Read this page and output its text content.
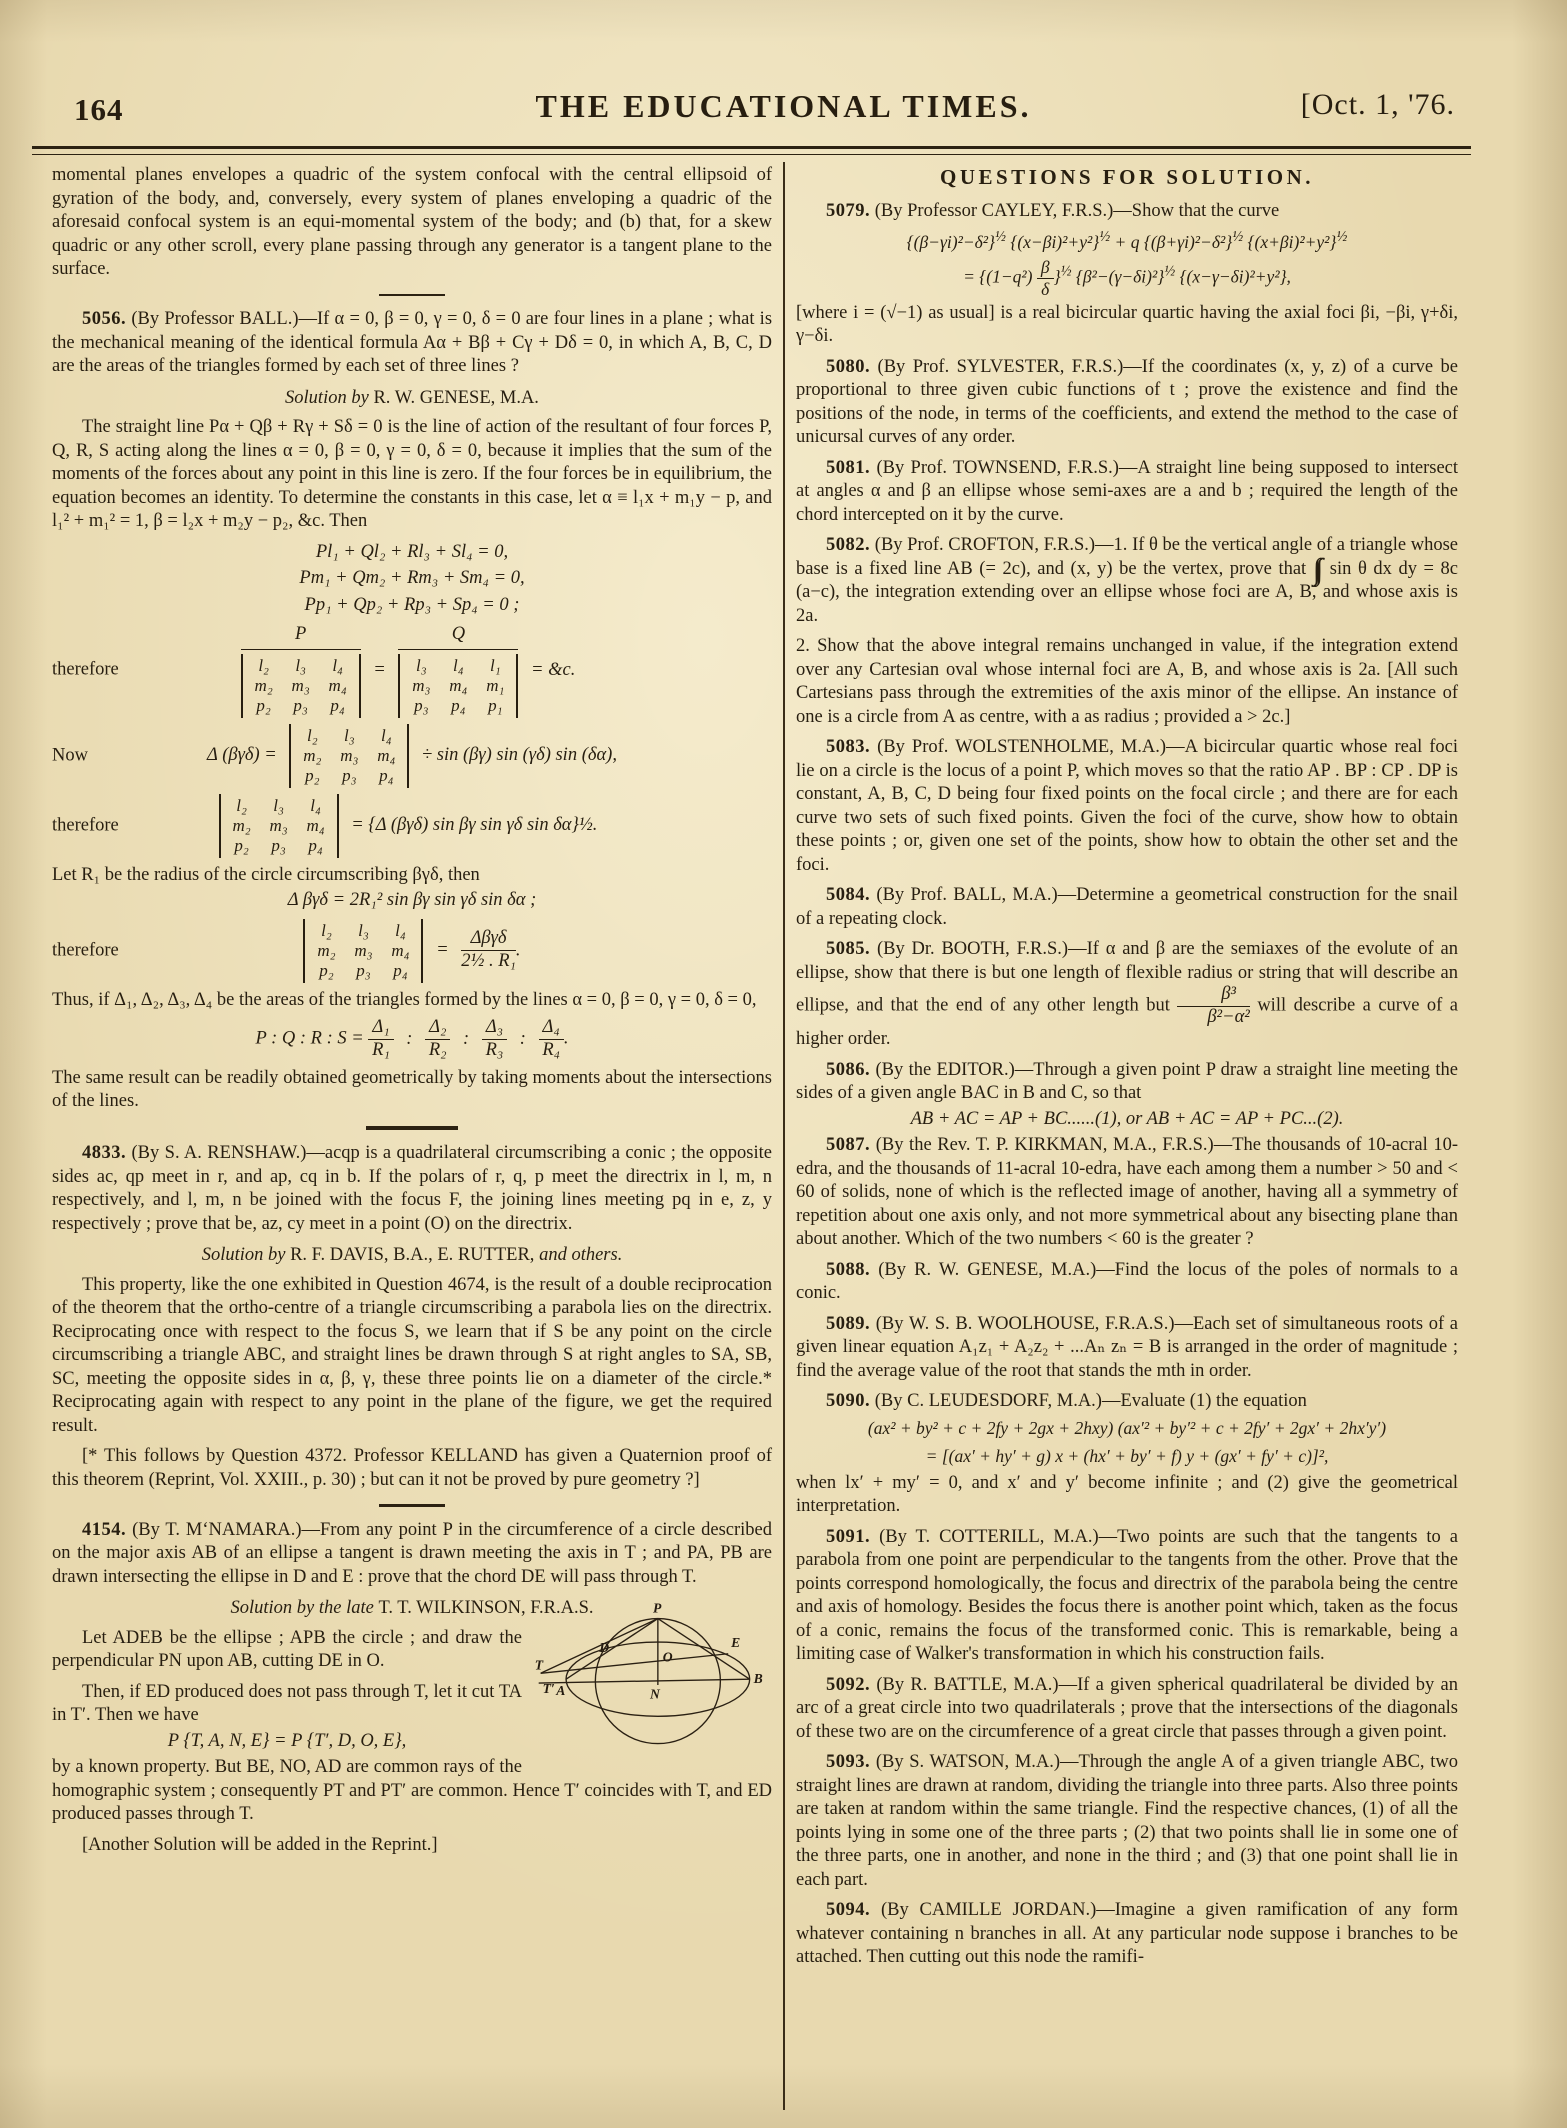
164	THE EDUCATIONAL TIMES.	[Oct. 1, '76.

momental planes envelopes a quadric of the system confocal with the central ellipsoid of gyration of the body, and, conversely, every system of planes enveloping a quadric of the aforesaid confocal system is an equi-momental system of the body; and (b) that, for a skew quadric or any other scroll, every plane passing through any generator is a tangent plane to the surface.

5056. (By Professor BALL.)—If α = 0, β = 0, γ = 0, δ = 0 are four lines in a plane ; what is the mechanical meaning of the identical formula Aα + Bβ + Cγ + Dδ = 0, in which A, B, C, D are the areas of the triangles formed by each set of three lines ?

Solution by R. W. GENESE, M.A.

The straight line Pα + Qβ + Rγ + Sδ = 0 is the line of action of the resultant of four forces P, Q, R, S acting along the lines α = 0, β = 0, γ = 0, δ = 0, because it implies that the sum of the moments of the forces about any point in this line is zero. If the four forces be in equilibrium, the equation becomes an identity. To determine the constants in this case, let α ≡ l₁x + m₁y − p, and l₁² + m₁² = 1, β = l₂x + m₂y − p₂, &c. Then

Pl₁ + Ql₂ + Rl₃ + Sl₄ = 0,
Pm₁ + Qm₂ + Rm₃ + Sm₄ = 0,
Pp₁ + Qp₂ + Rp₃ + Sp₄ = 0 ;
therefore	P
l₂	l₃	l₄
m₂ m₃ m₄
p₂ p₃ p₄ = Q
l₃	l₄	l₁
m₃ m₄ m₁
p₃ p₄ p₁ = &c.
Now	Δ (βγδ) =
l₂	l₃	l₄
m₂ m₃ m₄
p₂ p₃ p₄
÷ sin (βγ) sin (γδ) sin (δα),
therefore
l₂	l₃	l₄
m₂ m₃ m₄
p₂ p₃ p₄
= {Δ (βγδ) sin βγ sin γδ sin δα}½.

Let R₁ be the radius of the circle circumscribing βγδ, then

Δ βγδ = 2R₁² sin βγ sin γδ sin δα ;
therefore
l₂	l₃	l₄
m₂ m₃ m₄
p₂ p₃ p₄
= $\frac{\text{Δβγδ}}{\text{2½ . R₁}}$ .

Thus, if Δ₁, Δ₂, Δ₃, Δ₄ be the areas of the triangles formed by the lines α = 0, β = 0, γ = 0, δ = 0,

P : Q : R : $S = \frac{\text{Δ₁}}{\text{R₁}}$ : $\frac{\text{Δ₂}}{\text{R₂}}$ : $\frac{\text{Δ₃}}{\text{R₃}}$ : $\frac{\text{Δ₄}}{\text{R₄}}$ .

The same result can be readily obtained geometrically by taking moments about the intersections of the lines.

4833. (By S. A. RENSHAW.)—acqp is a quadrilateral circumscribing a conic ; the opposite sides ac, qp meet in r, and ap, cq in b. If the polars of r, q, p meet the directrix in l, m, n respectively, and l, m, n be joined with the focus F, the joining lines meeting pq in e, z, y respectively ; prove that be, az, cy meet in a point (O) on the directrix.

Solution by R. F. DAVIS, B.A., E. RUTTER, and others.

This property, like the one exhibited in Question 4674, is the result of a double reciprocation of the theorem that the ortho-centre of a triangle circumscribing a parabola lies on the directrix. Reciprocating once with respect to the focus S, we learn that if S be any point on the circle circumscribing a triangle ABC, and straight lines be drawn through S at right angles to SA, SB, SC, meeting the opposite sides in α, β, γ, these three points lie on a diameter of the circle.* Reciprocating again with respect to any point in the plane of the figure, we get the required result.

[* This follows by Question 4372. Professor KELLAND has given a Quaternion proof of this theorem (Reprint, Vol. XXIII., p. 30) ; but can it not be proved by pure geometry ?]

4154. (By T. M‘NAMARA.)—From any point P in the circumference of a circle described on the major axis AB of an ellipse a tangent is drawn meeting the axis in T ; and PA, PB are drawn intersecting the ellipse in D and E : prove that the chord DE will pass through T.

Solution by the late T. T. WILKINSON, F.R.A.S.	P
E
B
D
O
N
A
T
T′

Let ADEB be the ellipse ; APB the circle ; and draw the perpendicular PN upon AB, cutting DE in O.

Then, if ED produced does not pass through T, let it cut TA in T′. Then we have

P {T, A, N, E} = P {T′, D, O, E},

by a known property. But BE, NO, AD are common rays of the homographic system ; consequently PT and PT′ are common. Hence T′ coincides with T, and ED produced passes through T.

[Another Solution will be added in the Reprint.]

QUESTIONS FOR SOLUTION.

5079. (By Professor CAYLEY, F.R.S.)—Show that the curve

$\{(\beta-\gamma i)^2-\delta^2\}^{\frac{1}{2}}$ $\{(x-\beta i)^2+y^2\}^{\frac{1}{2}} + q$ $\{(\beta+\gamma i)^2-\delta^2\}^{\frac{1}{2}}$ $\{(x+\beta i)^2+y^2\}^{\frac{1}{2}}$
= $\{(1-q^2) \frac{\beta}{\delta} \}^{\frac{1}{2}}$ $\{\beta^2-(\gamma-\delta i)^2\}^{\frac{1}{2}}$ {(x−γ−δi)²+y²},

[where i = (√−1) as usual] is a real bicircular quartic having the axial foci βi, −βi, γ+δi, γ−δi.

5080. (By Prof. SYLVESTER, F.R.S.)—If the coordinates (x, y, z) of a curve be proportional to three given cubic functions of t ; prove the existence and find the positions of the node, in terms of the coefficients, and extend the method to the case of unicursal curves of any order.

5081. (By Prof. TOWNSEND, F.R.S.)—A straight line being supposed to intersect at angles α and β an ellipse whose semi-axes are a and b ; required the length of the chord intercepted on it by the curve.

5082. (By Prof. CROFTON, F.R.S.)—1. If θ be the vertical angle of a triangle whose base is a fixed line AB (= 2c), and (x, y) be the vertex, prove that ∫∫ sin θ dx dy = 8c (a−c), the integration extending over an ellipse whose foci are A, B, and whose axis is 2a.

2. Show that the above integral remains unchanged in value, if the integration extend over any Cartesian oval whose internal foci are A, B, and whose axis is 2a. [All such Cartesians pass through the extremities of the axis minor of the ellipse. An instance of one is a circle from A as centre, with a as radius ; provided a > 2c.]

5083. (By Prof. WOLSTENHOLME, M.A.)—A bicircular quartic whose real foci lie on a circle is the locus of a point P, which moves so that the ratio AP . BP : CP . DP is constant, A, B, C, D being four fixed points on the focal circle ; and there are for each curve two sets of such fixed points. Given the foci of the curve, show how to obtain these points ; or, given one set of the points, show how to obtain the other set and the foci.

5084. (By Prof. BALL, M.A.)—Determine a geometrical construction for the snail of a repeating clock.

5085. (By Dr. BOOTH, F.R.S.)—If α and β are the semiaxes of the evolute of an ellipse, show that there is but one length of flexible radius or string that will describe an ellipse, and that the end of any other length but $\frac{\text{β³}}{\text{β²−α²}}$ will describe a curve of a higher order.

5086. (By the EDITOR.)—Through a given point P draw a straight line meeting the sides of a given angle BAC in B and C, so that

AB + AC = AP + BC......(1), or AB + AC = AP + PC...(2).

5087. (By the Rev. T. P. KIRKMAN, M.A., F.R.S.)—The thousands of 10-acral 10-edra, and the thousands of 11-acral 10-edra, have each among them a number > 50 and < 60 of solids, none of which is the reflected image of another, having all a symmetry of repetition about one axis only, and not more symmetrical about any bisecting plane than about another. Which of the two numbers < 60 is the greater ?

5088. (By R. W. GENESE, M.A.)—Find the locus of the poles of normals to a conic.

5089. (By W. S. B. WOOLHOUSE, F.R.A.S.)—Each set of simultaneous roots of a given linear equation A₁z₁ + A₂z₂ + ...Aₙ zₙ = B is arranged in the order of magnitude ; find the average value of the root that stands the mth in order.

5090. (By C. LEUDESDORF, M.A.)—Evaluate (1) the equation

(ax² + by² + c + 2fy + 2gx + 2hxy) (ax′² + by′² + c + 2fy′ + 2gx′ + 2hx′y′)
= [(ax′ + hy′ + g) x + (hx′ + by′ + f) y + (gx′ + fy′ + c)]²,

when lx′ + my′ = 0, and x′ and y′ become infinite ; and (2) give the geometrical interpretation.

5091. (By T. COTTERILL, M.A.)—Two points are such that the tangents to a parabola from one point are perpendicular to the tangents from the other. Prove that the points correspond homologically, the focus and directrix of the parabola being the centre and axis of homology. Besides the focus there is another point which, taken as the focus of a conic, remains the focus of the transformed conic. This is remarkable, being a limiting case of Walker's transformation in which his construction fails.

5092. (By R. BATTLE, M.A.)—If a given spherical quadrilateral be divided by an arc of a great circle into two quadrilaterals ; prove that the intersections of the diagonals of these two are on the circumference of a great circle that passes through a given point.

5093. (By S. WATSON, M.A.)—Through the angle A of a given triangle ABC, two straight lines are drawn at random, dividing the triangle into three parts. Also three points are taken at random within the same triangle. Find the respective chances, (1) of all the points lying in some one of the three parts ; (2) that two points shall lie in some one of the three parts, one in another, and none in the third ; and (3) that one point shall lie in each part.

5094. (By CAMILLE JORDAN.)—Imagine a given ramification of any form whatever containing n branches in all. At any particular node suppose i branches to be attached. Then cutting out this node the ramifi-
